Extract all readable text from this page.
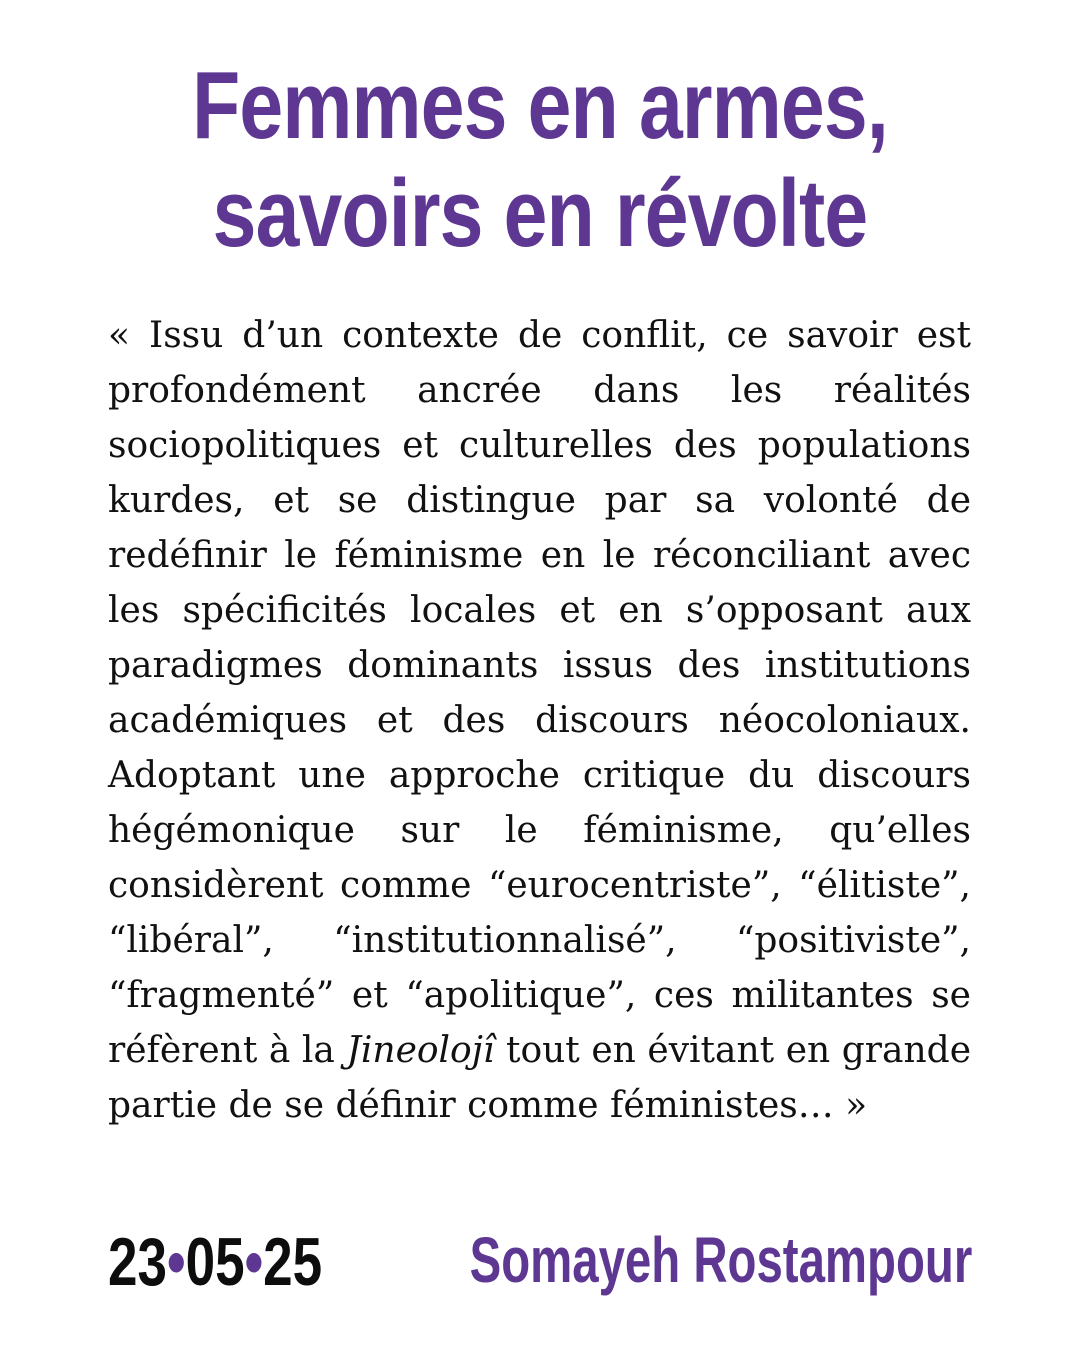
Femmes en armes,
savoirs en révolte

« Issu d’un contexte de conflit, ce savoir est profondément ancrée dans les réalités sociopolitiques et culturelles des populations kurdes, et se distingue par sa volonté de redéfinir le féminisme en le réconciliant avec les spécificités locales et en s’opposant aux paradigmes dominants issus des institutions académiques et des discours néocoloniaux. Adoptant une approche critique du discours hégémonique sur le féminisme, qu’elles considèrent comme “eurocentriste”, “élitiste”, “libéral”, “institutionnalisé”, “positiviste”, “fragmenté” et “apolitique”, ces militantes se réfèrent à la Jineolojî tout en évitant en grande partie de se définir comme féministes… »

23•05•25 Somayeh Rostampour
